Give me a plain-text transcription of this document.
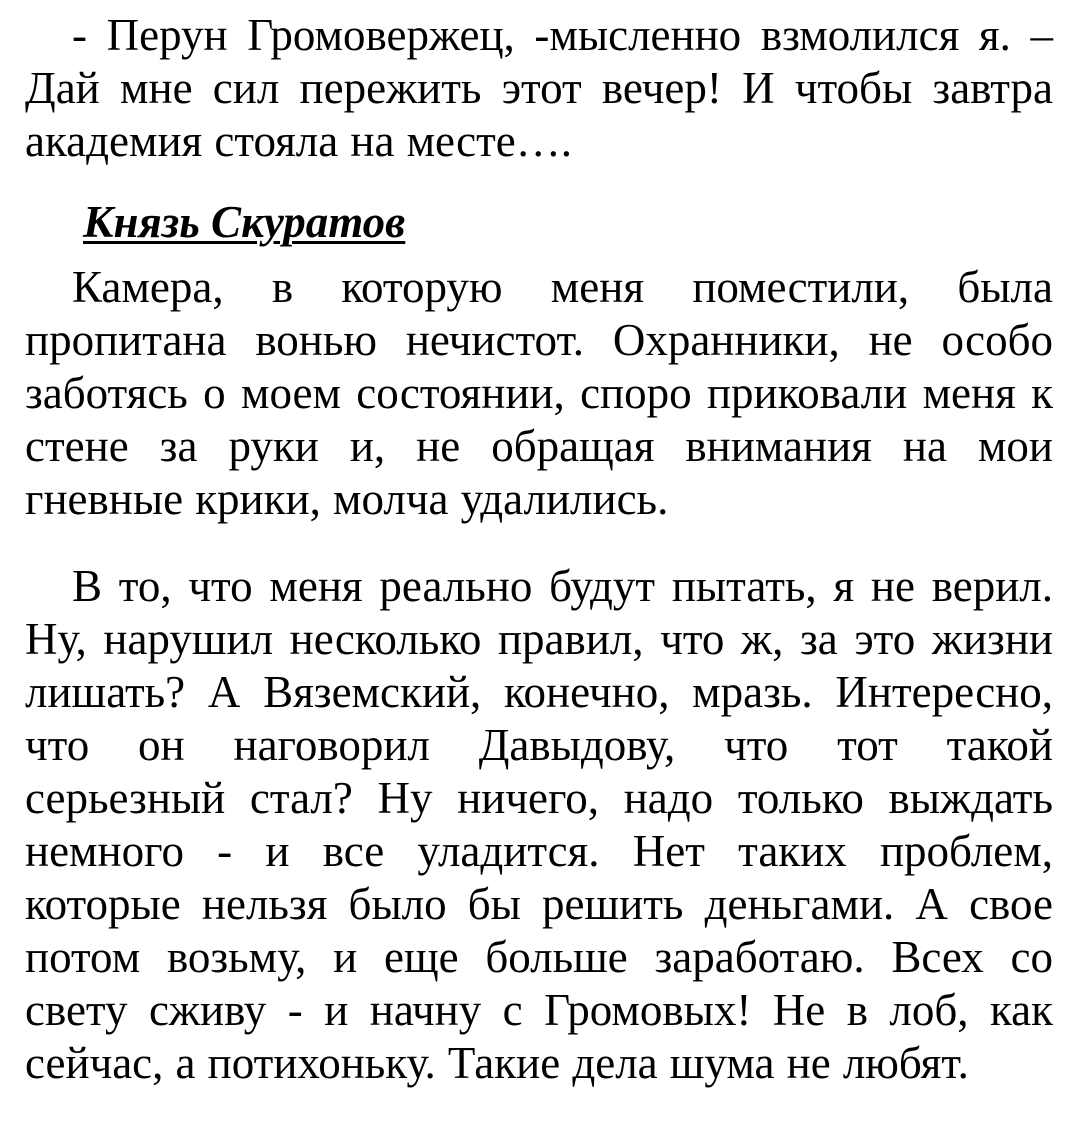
- Перун Громовержец, -мысленно взмолился я. –
Дай мне сил пережить этот вечер! И чтобы завтра
академия стояла на месте….

Князь Скуратов

Камера, в которую меня поместили, была
пропитана вонью нечистот. Охранники, не особо
заботясь о моем состоянии, споро приковали меня к
стене за руки и, не обращая внимания на мои
гневные крики, молча удалились.

В то, что меня реально будут пытать, я не верил.
Ну, нарушил несколько правил, что ж, за это жизни
лишать? А Вяземский, конечно, мразь. Интересно,
что он наговорил Давыдову, что тот такой
серьезный стал? Ну ничего, надо только выждать
немного - и все уладится. Нет таких проблем,
которые нельзя было бы решить деньгами. А свое
потом возьму, и еще больше заработаю. Всех со
свету сживу - и начну с Громовых! Не в лоб, как
сейчас, а потихоньку. Такие дела шума не любят.
